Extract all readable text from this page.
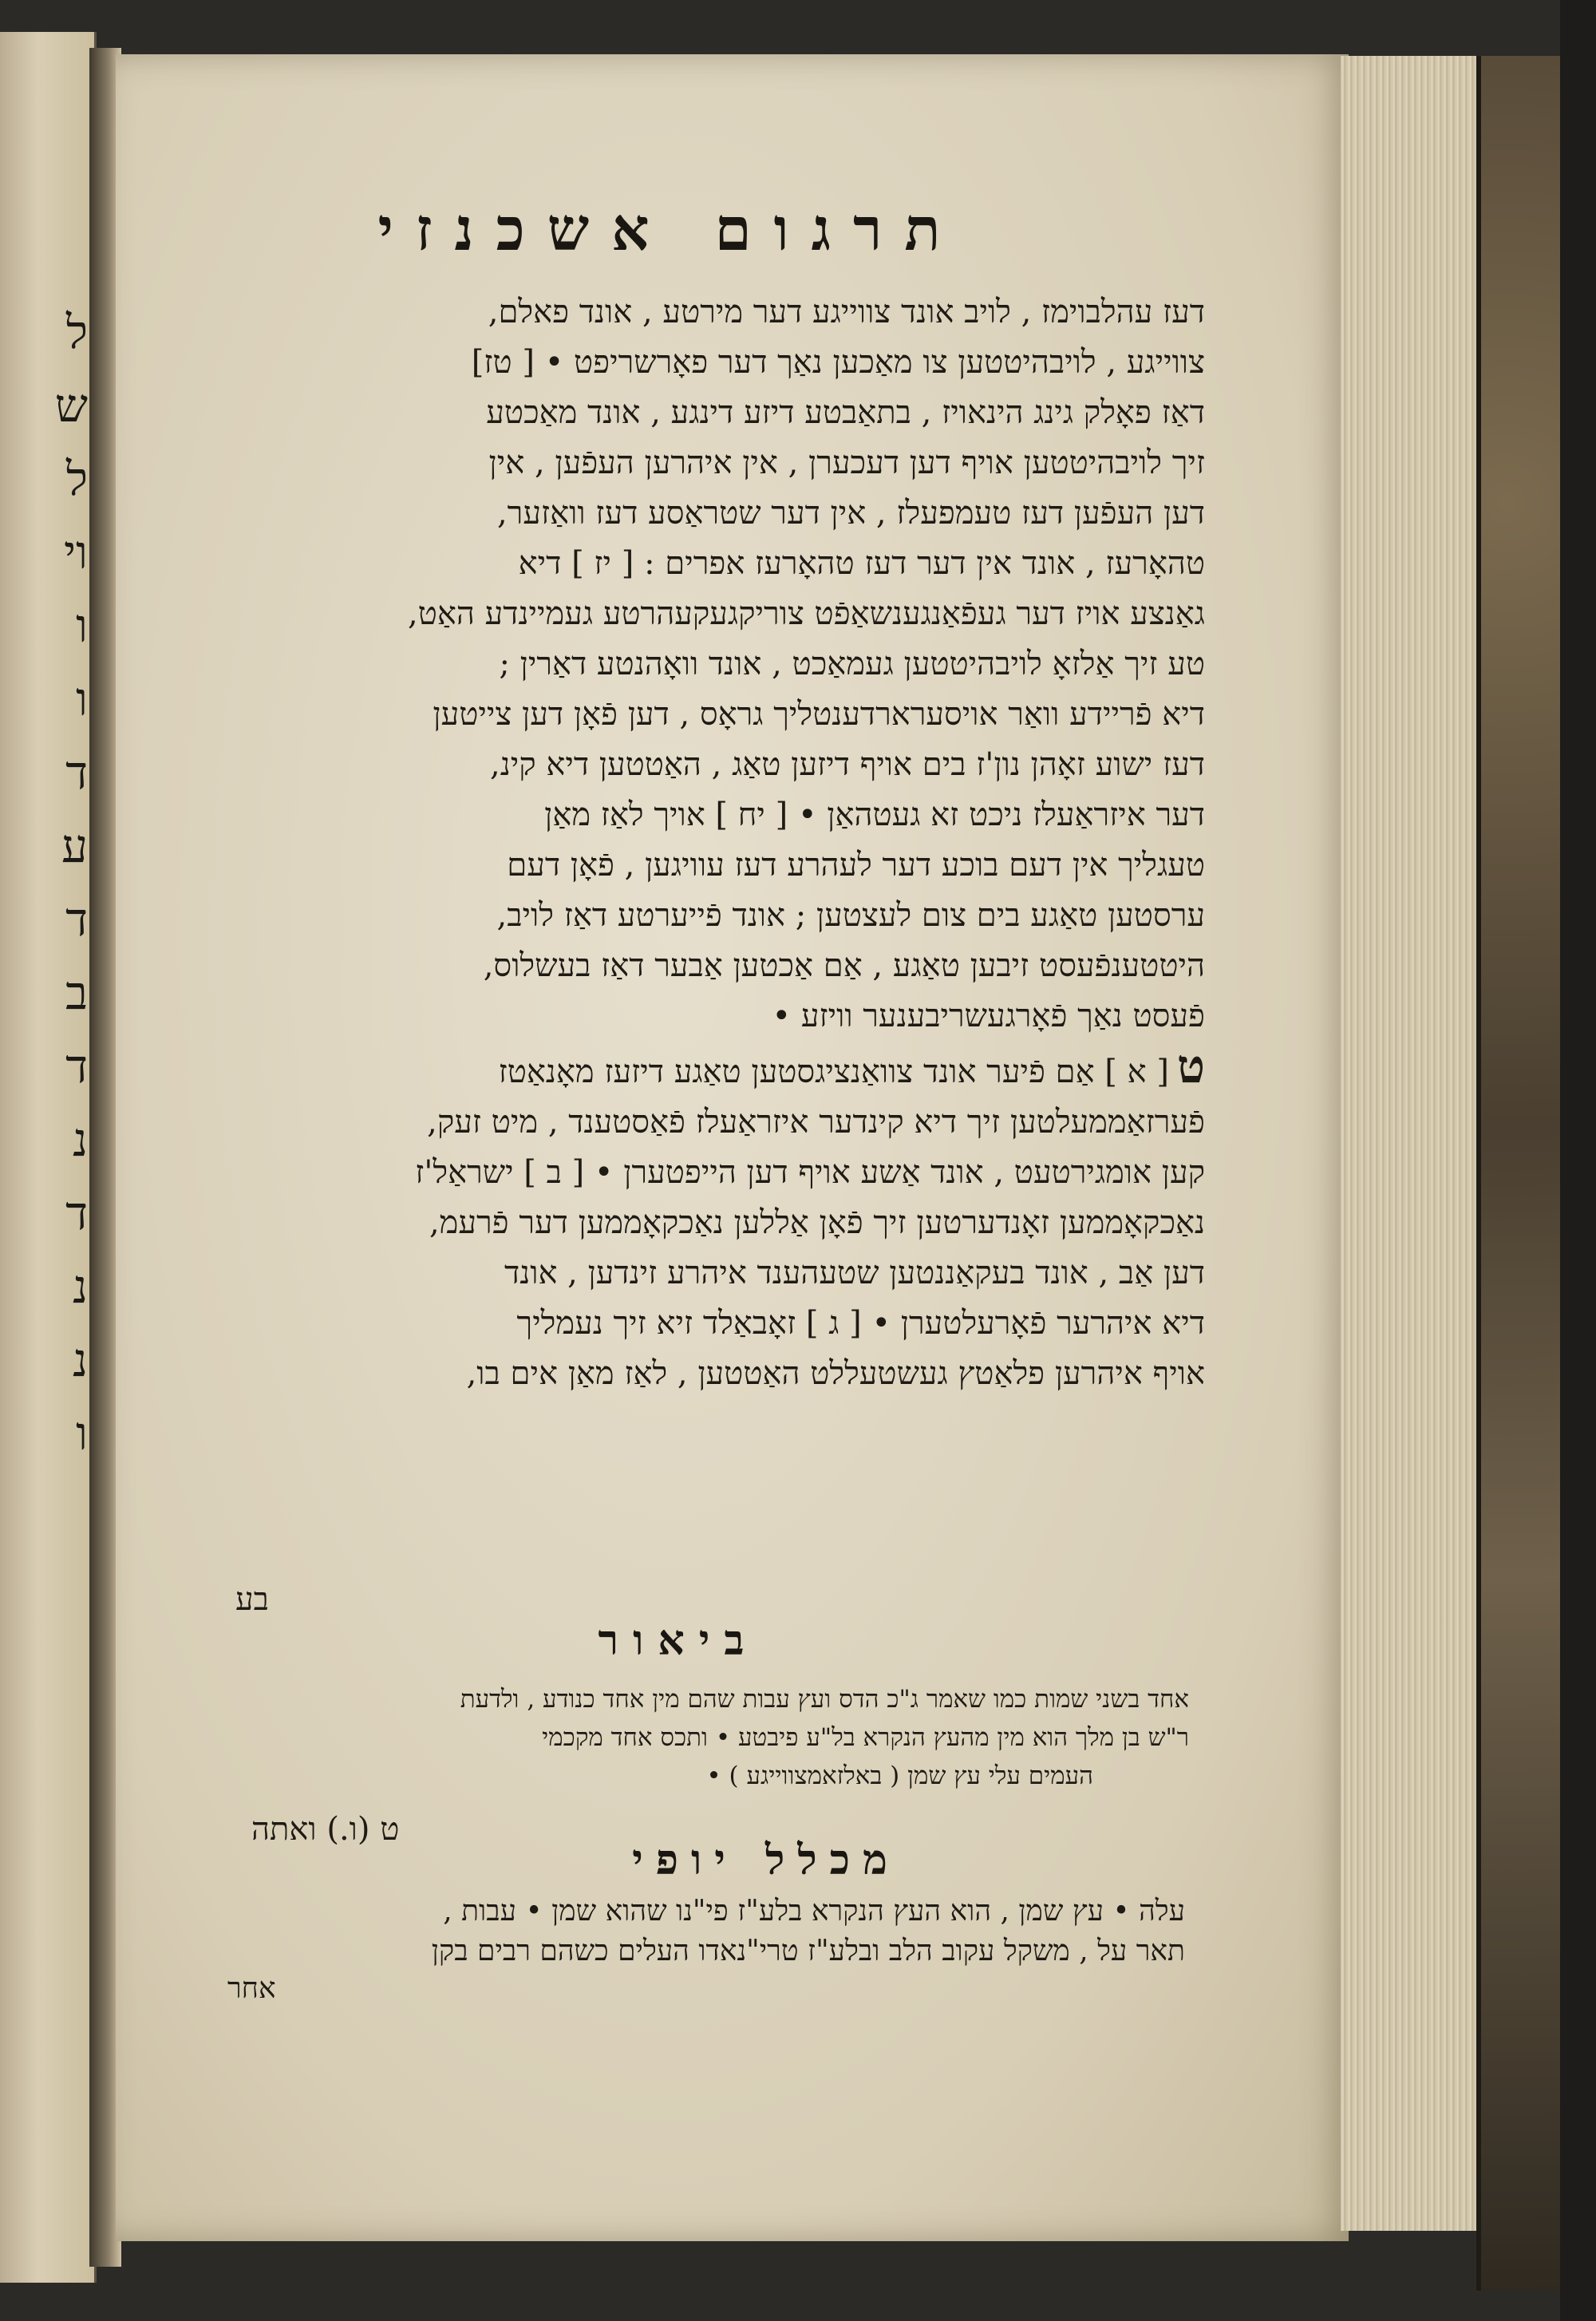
ל
ש
ל
וי
ו
ו
ד
ע
ד
ב
ד
נ
ד
נ
נ
ו
תרגום אשכנזי
דעז עהלבוימז , לויב אונד צווייגע דער מירטע , אונד פאלם,
צווייגע , לויבהיטטען צו מאַכען נאַך דער פאָרשריפט • [ טז]
דאַז פאָלק גינג הינאויז , בתאַבטע דיזע דינגע , אונד מאַכטע
זיך לויבהיטטען אויף דען דעכערן , אין איהרען העפֿען , אין
דען העפֿען דעז טעמפעלז , אין דער שטראַסע דעז וואַזער,
טהאָרעז , אונד אין דער דעז טהאָרעז אפרים : [ יז ] דיא
גאַנצע אויז דער געפֿאַנגענשאַפֿט צוריקגעקעהרטע געמיינדע האַט,
טע זיך אַלזאָ לויבהיטטען געמאַכט , אונד וואָהנטע דאַרין ;
דיא פֿריידע וואַר אויסערארדענטליך גראָס , דען פֿאָן דען צייטען
דעז ישוע זאָהן נון'ז בים אויף דיזען טאַג , האַטטען דיא קינ,
דער איזראַעלז ניכט זא געטהאַן • [ יח ] אויך לאַז מאַן
טעגליך אין דעם בוכע דער לעהרע דעז עוויגען , פֿאָן דעם
ערסטען טאַגע בים צום לעצטען ; אונד פֿייערטע דאַז לויב,
היטטענפֿעסט זיבען טאַגע , אַם אַכטען אַבער דאַז בעשלוס,
פֿעסט נאַך פֿאָרגעשריבענער וויזע •
ט[ א ] אַם פֿיער אונד צוואַנציגסטען טאַגע דיזעז מאָנאַטז
פֿערזאַממעלטען זיך דיא קינדער איזראַעלז פֿאַסטענד , מיט זעק,
קען אומגירטעט , אונד אַשע אויף דען הייפטערן • [ ב ] ישראַל'ז
נאַכקאָממען זאָנדערטען זיך פֿאָן אַללען נאַכקאָממען דער פֿרעמ,
דען אַב , אונד בעקאַננטען שטעהענד איהרע זינדען , אונד
דיא איהרער פֿאָרעלטערן • [ ג ] זאָבאַלד זיא זיך נעמליך
אויף איהרען פלאַטץ געשטעללט האַטטען , לאַז מאַן אים בו,
בע
ביאור
אחד בשני שמות כמו שאמר ג"כ הדס ועץ עבות שהם מין אחד כנודע , ולדעת
ר"ש בן מלך הוא מין מהעץ הנקרא בל"ע פיבטע • ותכס אחד מקכמי
העמים עלי עץ שמן ( באלזאמצווייגע ) •
ט (ו.) ואתה
מכלל יופי
עלה • עץ שמן , הוא העץ הנקרא בלע"ז פי"נו שהוא שמן • עבות ,
תאר על , משקל עקוב הלב ובלע"ז טרי"נאדו העלים כשהם רבים בקן
אחר
